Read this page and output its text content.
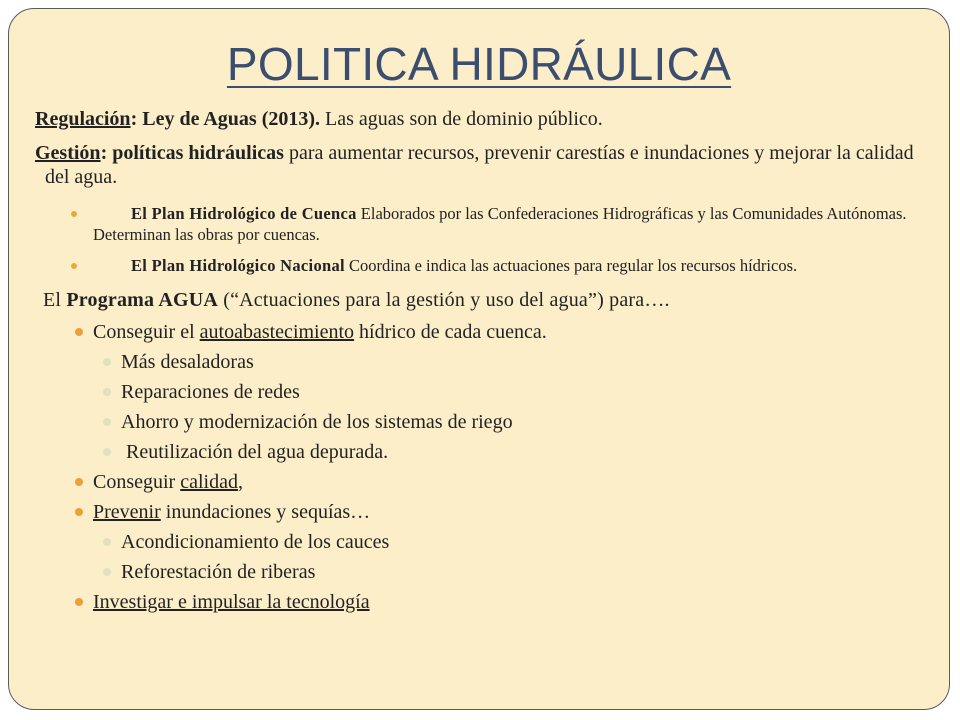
POLITICA HIDRÁULICA

Regulación: Ley de Aguas (2013). Las aguas son de dominio público.

Gestión: políticas hidráulicas para aumentar recursos, prevenir carestías e inundaciones y mejorar la calidad del agua.

El Plan Hidrológico de Cuenca Elaborados por las Confederaciones Hidrográficas y las Comunidades Autónomas. Determinan las obras por cuencas.
El Plan Hidrológico Nacional Coordina e indica las actuaciones para regular los recursos hídricos.

El Programa AGUA (“Actuaciones para la gestión y uso del agua”) para….

Conseguir el autoabastecimiento hídrico de cada cuenca.
Más desaladoras
Reparaciones de redes
Ahorro y modernización de los sistemas de riego
Reutilización del agua depurada.
Conseguir calidad,
Prevenir inundaciones y sequías…
Acondicionamiento de los cauces
Reforestación de riberas
Investigar e impulsar la tecnología
